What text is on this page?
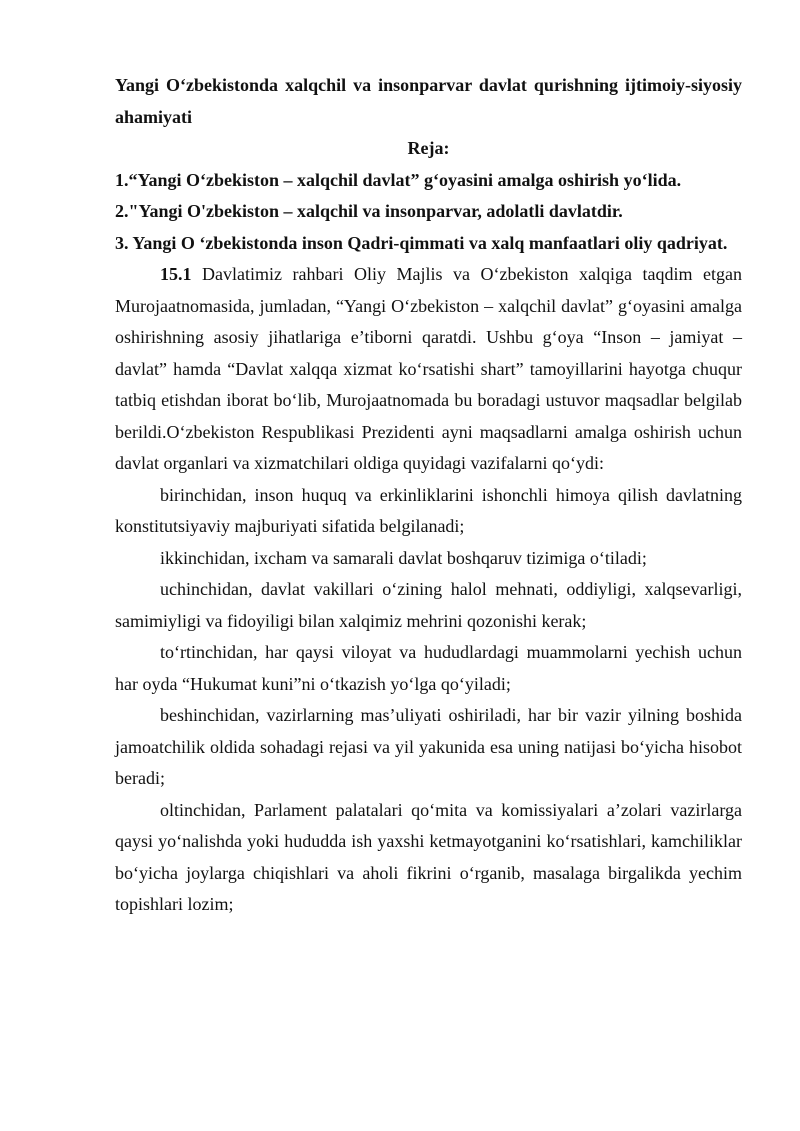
Yangi O‘zbekistonda xalqchil va insonparvar davlat qurishning ijtimoiy-siyosiy ahamiyati

Reja:

1.“Yangi O‘zbekiston – xalqchil davlat” g‘oyasini amalga oshirish yo‘lida.

2."Yangi O'zbekiston – xalqchil va insonparvar, adolatli davlatdir.

3. Yangi O ‘zbekistonda inson Qadri-qimmati va xalq manfaatlari oliy qadriyat.

15.1 Davlatimiz rahbari Oliy Majlis va O‘zbekiston xalqiga taqdim etgan Murojaatnomasida, jumladan, “Yangi O‘zbekiston – xalqchil davlat” g‘oyasini amalga oshirishning asosiy jihatlariga e’tiborni qaratdi. Ushbu g‘oya “Inson – jamiyat – davlat” hamda “Davlat xalqqa xizmat ko‘rsatishi shart” tamoyillarini hayotga chuqur tatbiq etishdan iborat bo‘lib, Murojaatnomada bu boradagi ustuvor maqsadlar belgilab berildi.O‘zbekiston Respublikasi Prezidenti ayni maqsadlarni amalga oshirish uchun davlat organlari va xizmatchilari oldiga quyidagi vazifalarni qo‘ydi:

birinchidan, inson huquq va erkinliklarini ishonchli himoya qilish davlatning konstitutsiyaviy majburiyati sifatida belgilanadi;

ikkinchidan, ixcham va samarali davlat boshqaruv tizimiga o‘tiladi;

uchinchidan, davlat vakillari o‘zining halol mehnati, oddiyligi, xalqsevarligi, samimiyligi va fidoyiligi bilan xalqimiz mehrini qozonishi kerak;

to‘rtinchidan, har qaysi viloyat va hududlardagi muammolarni yechish uchun har oyda “Hukumat kuni”ni o‘tkazish yo‘lga qo‘yiladi;

beshinchidan, vazirlarning mas’uliyati oshiriladi, har bir vazir yilning boshida jamoatchilik oldida sohadagi rejasi va yil yakunida esa uning natijasi bo‘yicha hisobot beradi;

oltinchidan, Parlament palatalari qo‘mita va komissiyalari a’zolari vazirlarga qaysi yo‘nalishda yoki hududda ish yaxshi ketmayotganini ko‘rsatishlari, kamchiliklar bo‘yicha joylarga chiqishlari va aholi fikrini o‘rganib, masalaga birgalikda yechim topishlari lozim;
